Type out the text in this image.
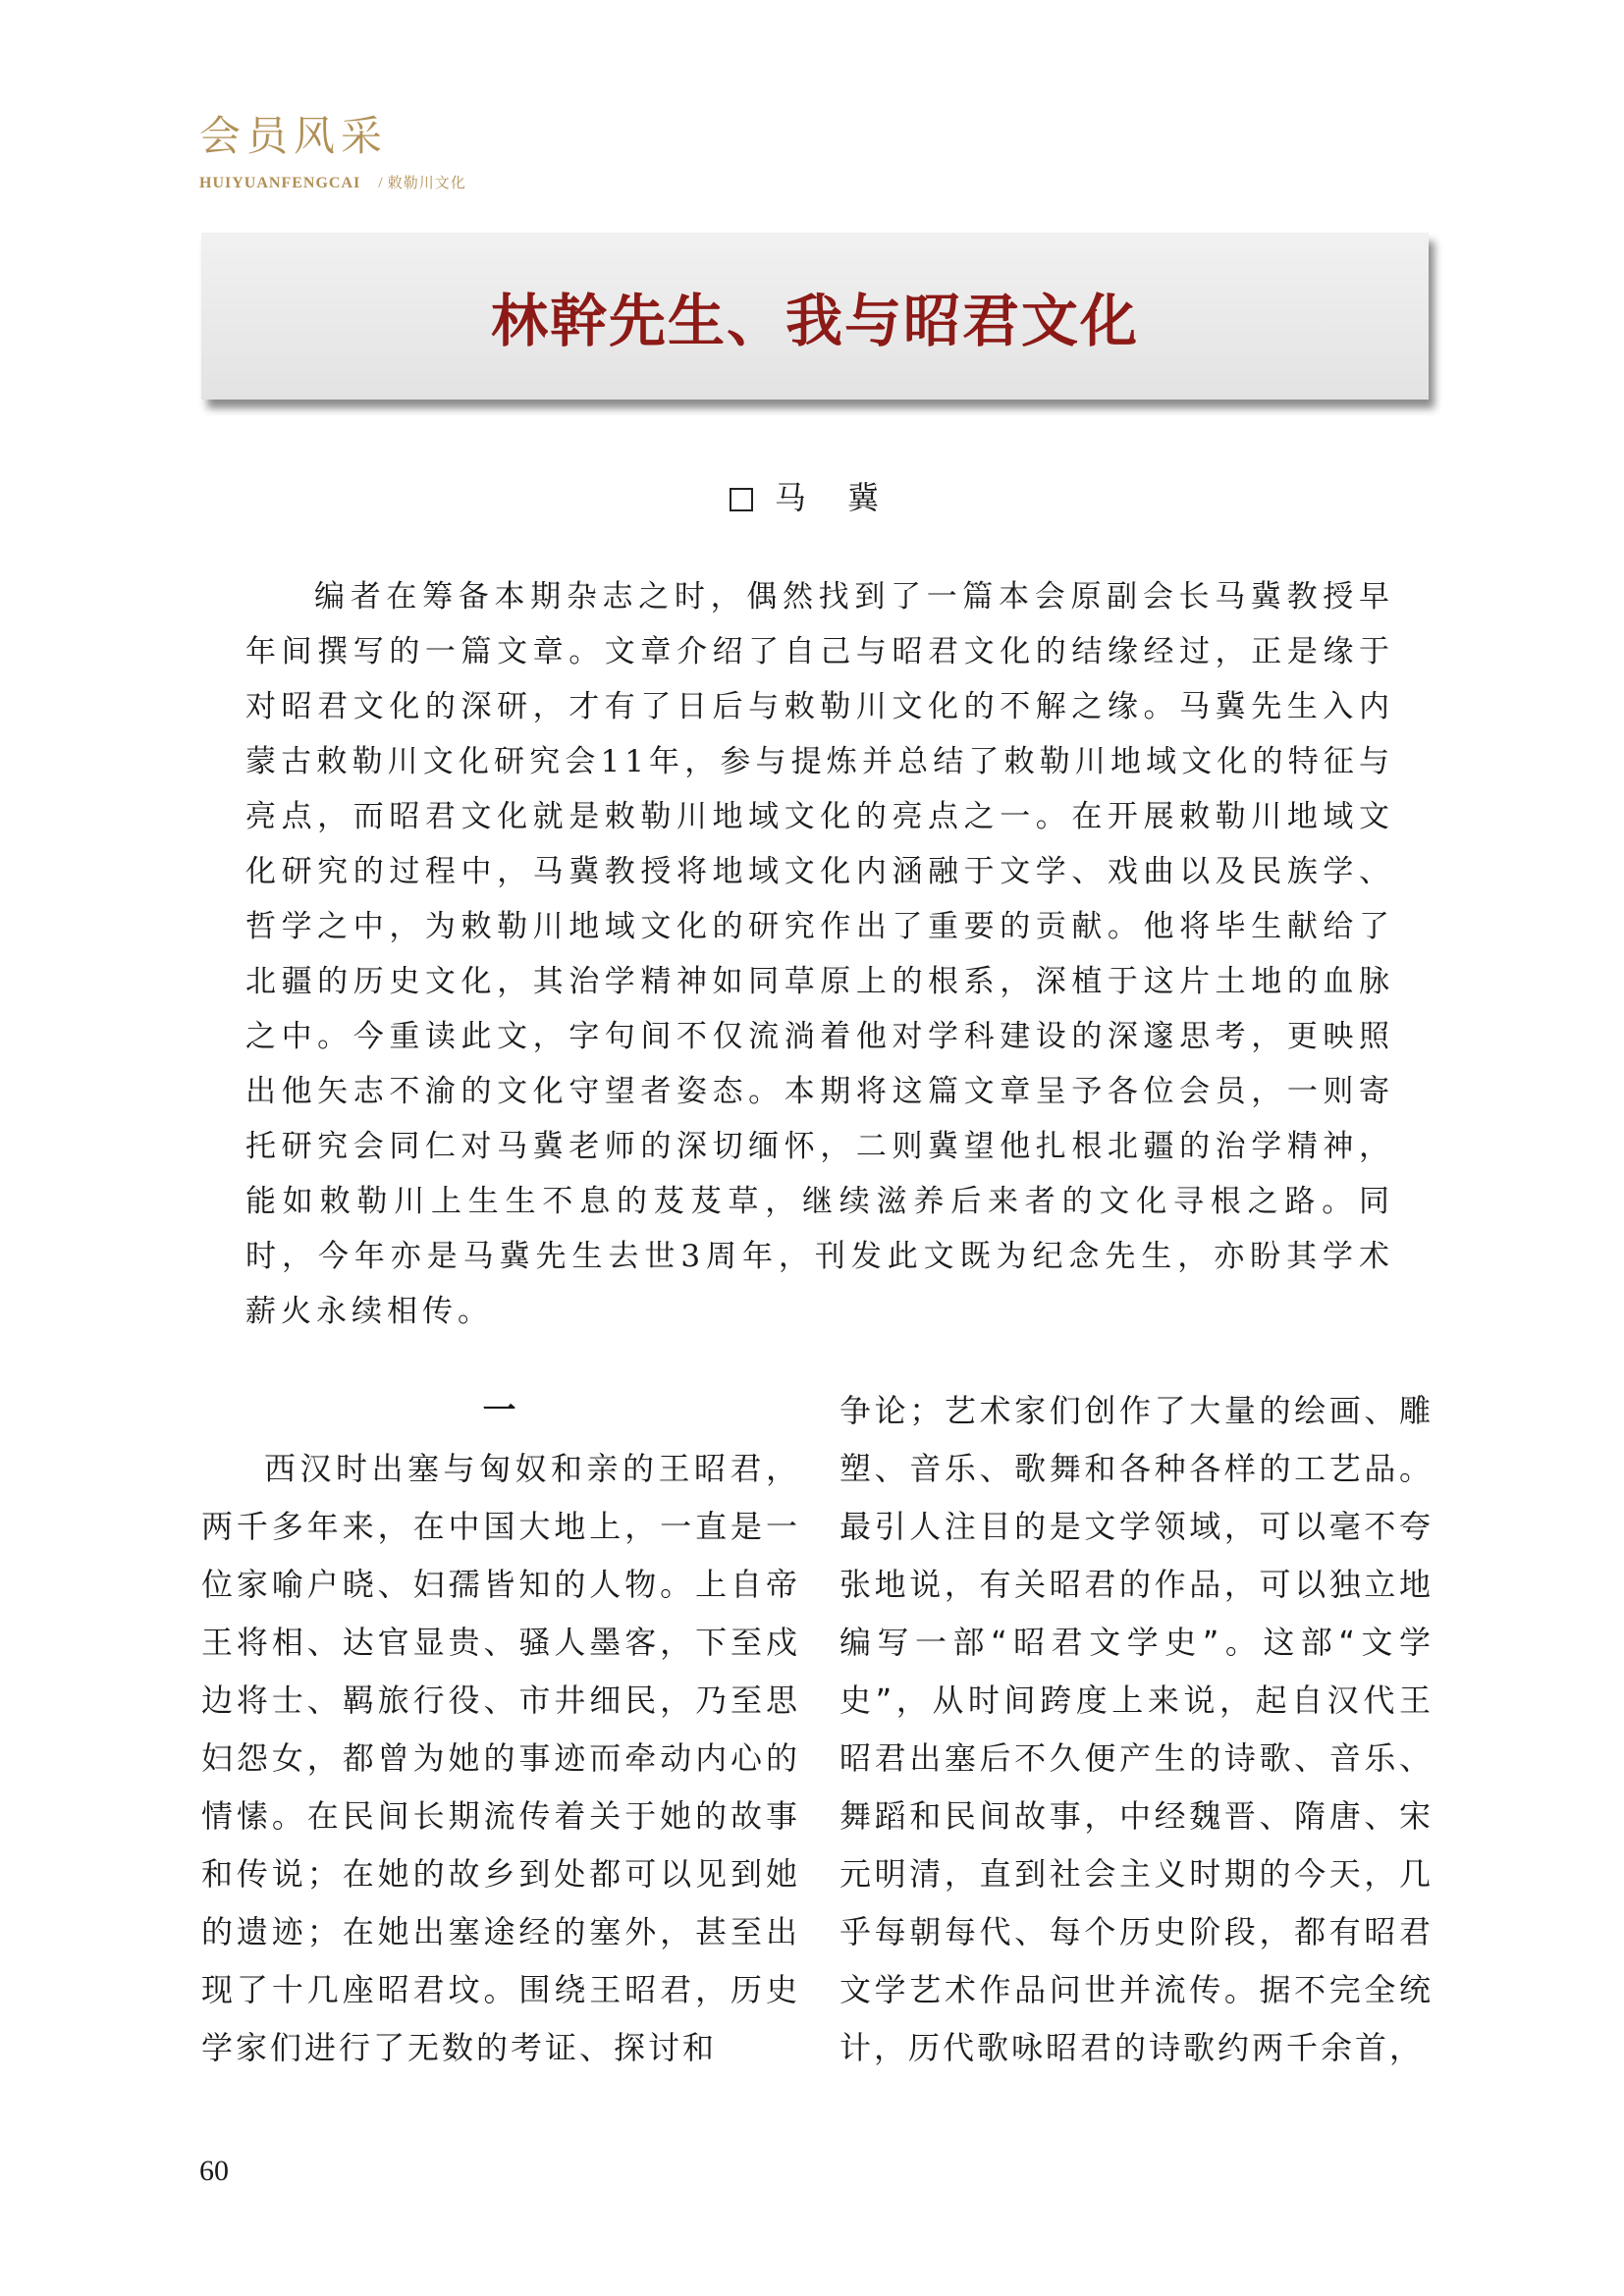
会员风采
HUIYUANFENGCAI / 敕勒川文化
林幹先生、我与昭君文化
马 冀

编者在筹备本期杂志之时，偶然找到了一篇本会原副会长马冀教授早年间撰写的一篇文章。文章介绍了自己与昭君文化的结缘经过，正是缘于对昭君文化的深研，才有了日后与敕勒川文化的不解之缘。马冀先生入内蒙古敕勒川文化研究会11年，参与提炼并总结了敕勒川地域文化的特征与亮点，而昭君文化就是敕勒川地域文化的亮点之一。在开展敕勒川地域文化研究的过程中，马冀教授将地域文化内涵融于文学、戏曲以及民族学、哲学之中，为敕勒川地域文化的研究作出了重要的贡献。他将毕生献给了北疆的历史文化，其治学精神如同草原上的根系，深植于这片土地的血脉之中。今重读此文，字句间不仅流淌着他对学科建设的深邃思考，更映照出他矢志不渝的文化守望者姿态。本期将这篇文章呈予各位会员，一则寄托研究会同仁对马冀老师的深切缅怀，二则冀望他扎根北疆的治学精神，能如敕勒川上生生不息的芨芨草，继续滋养后来者的文化寻根之路。同时，今年亦是马冀先生去世3周年，刊发此文既为纪念先生，亦盼其学术薪火永续相传。

一

西汉时出塞与匈奴和亲的王昭君，两千多年来，在中国大地上，一直是一位家喻户晓、妇孺皆知的人物。上自帝王将相、达官显贵、骚人墨客，下至戍边将士、羁旅行役、市井细民，乃至思妇怨女，都曾为她的事迹而牵动内心的情愫。在民间长期流传着关于她的故事和传说；在她的故乡到处都可以见到她的遗迹；在她出塞途经的塞外，甚至出现了十几座昭君坟。围绕王昭君，历史学家们进行了无数的考证、探讨和

争论；艺术家们创作了大量的绘画、雕塑、音乐、歌舞和各种各样的工艺品。最引人注目的是文学领域，可以毫不夸张地说，有关昭君的作品，可以独立地编写一部“昭君文学史”。这部“文学史”，从时间跨度上来说，起自汉代王昭君出塞后不久便产生的诗歌、音乐、舞蹈和民间故事，中经魏晋、隋唐、宋元明清，直到社会主义时期的今天，几乎每朝每代、每个历史阶段，都有昭君文学艺术作品问世并流传。据不完全统计，历代歌咏昭君的诗歌约两千余首，

60
